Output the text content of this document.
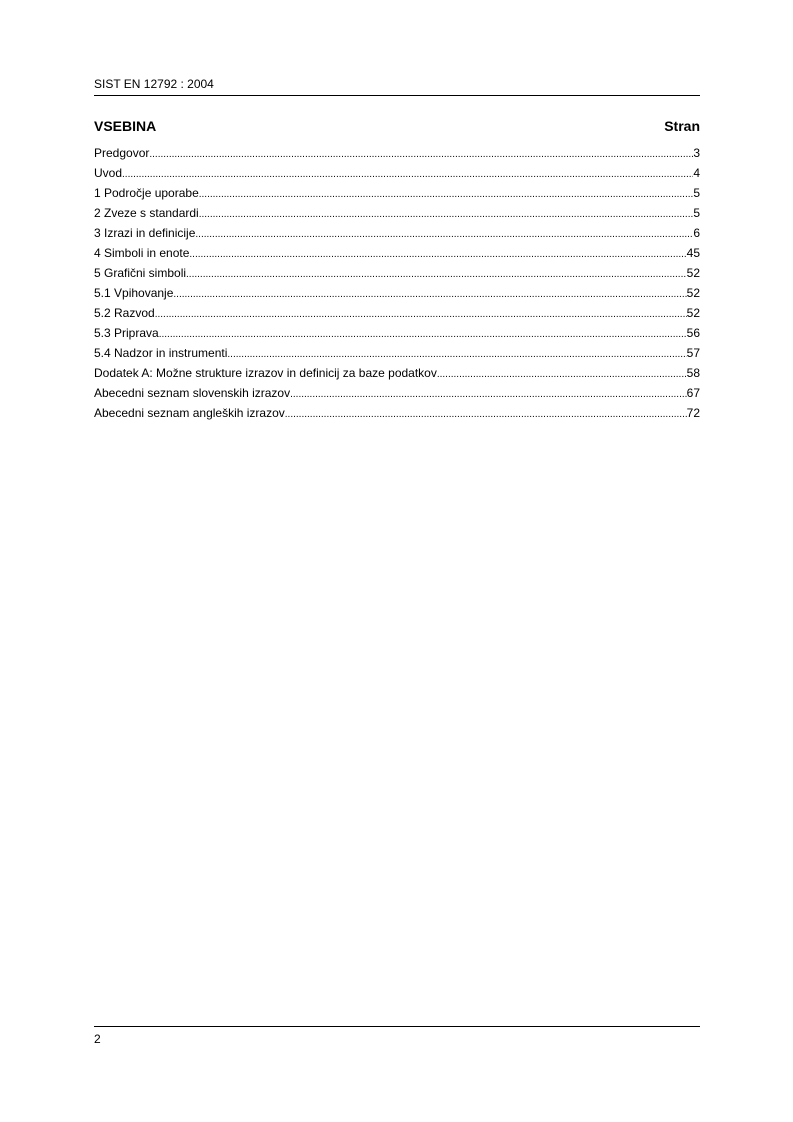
SIST EN 12792 : 2004
VSEBINA	Stran
Predgovor .....	3
Uvod .....	4
1 Področje uporabe .....	5
2 Zveze s standardi .....	5
3 Izrazi in definicije .....	6
4 Simboli in enote .....	45
5 Grafični simboli .....	52
5.1 Vpihovanje .....	52
5.2 Razvod .....	52
5.3 Priprava .....	56
5.4 Nadzor in instrumenti .....	57
Dodatek A: Možne strukture izrazov in definicij za baze podatkov .....	58
Abecedni seznam slovenskih izrazov .....	67
Abecedni seznam angleških izrazov .....	72
2
